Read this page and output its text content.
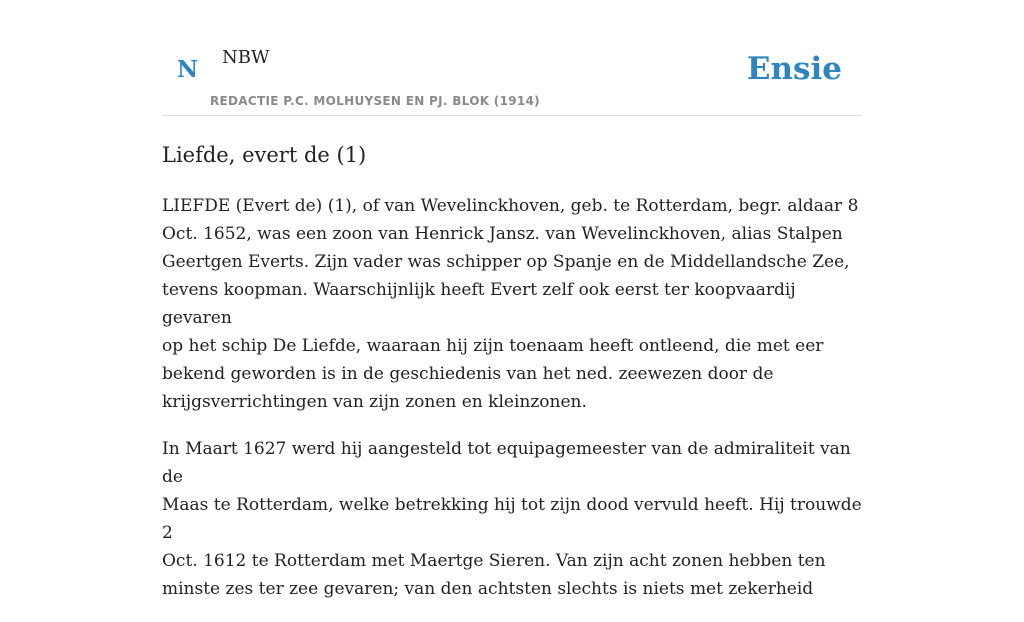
N NBW
REDACTIE P.C. MOLHUYSEN EN PJ. BLOK (1914)
Ensie
Liefde, evert de (1)

LIEFDE (Evert de) (1), of van Wevelinckhoven, geb. te Rotterdam, begr. aldaar 8
Oct. 1652, was een zoon van Henrick Jansz. van Wevelinckhoven, alias Stalpen
Geertgen Everts. Zijn vader was schipper op Spanje en de Middellandsche Zee,
tevens koopman. Waarschijnlijk heeft Evert zelf ook eerst ter koopvaardij gevaren
op het schip De Liefde, waaraan hij zijn toenaam heeft ontleend, die met eer
bekend geworden is in de geschiedenis van het ned. zeewezen door de
krijgsverrichtingen van zijn zonen en kleinzonen.

In Maart 1627 werd hij aangesteld tot equipagemeester van de admiraliteit van de
Maas te Rotterdam, welke betrekking hij tot zijn dood vervuld heeft. Hij trouwde 2
Oct. 1612 te Rotterdam met Maertge Sieren. Van zijn acht zonen hebben ten
minste zes ter zee gevaren; van den achtsten slechts is niets met zekerheid
